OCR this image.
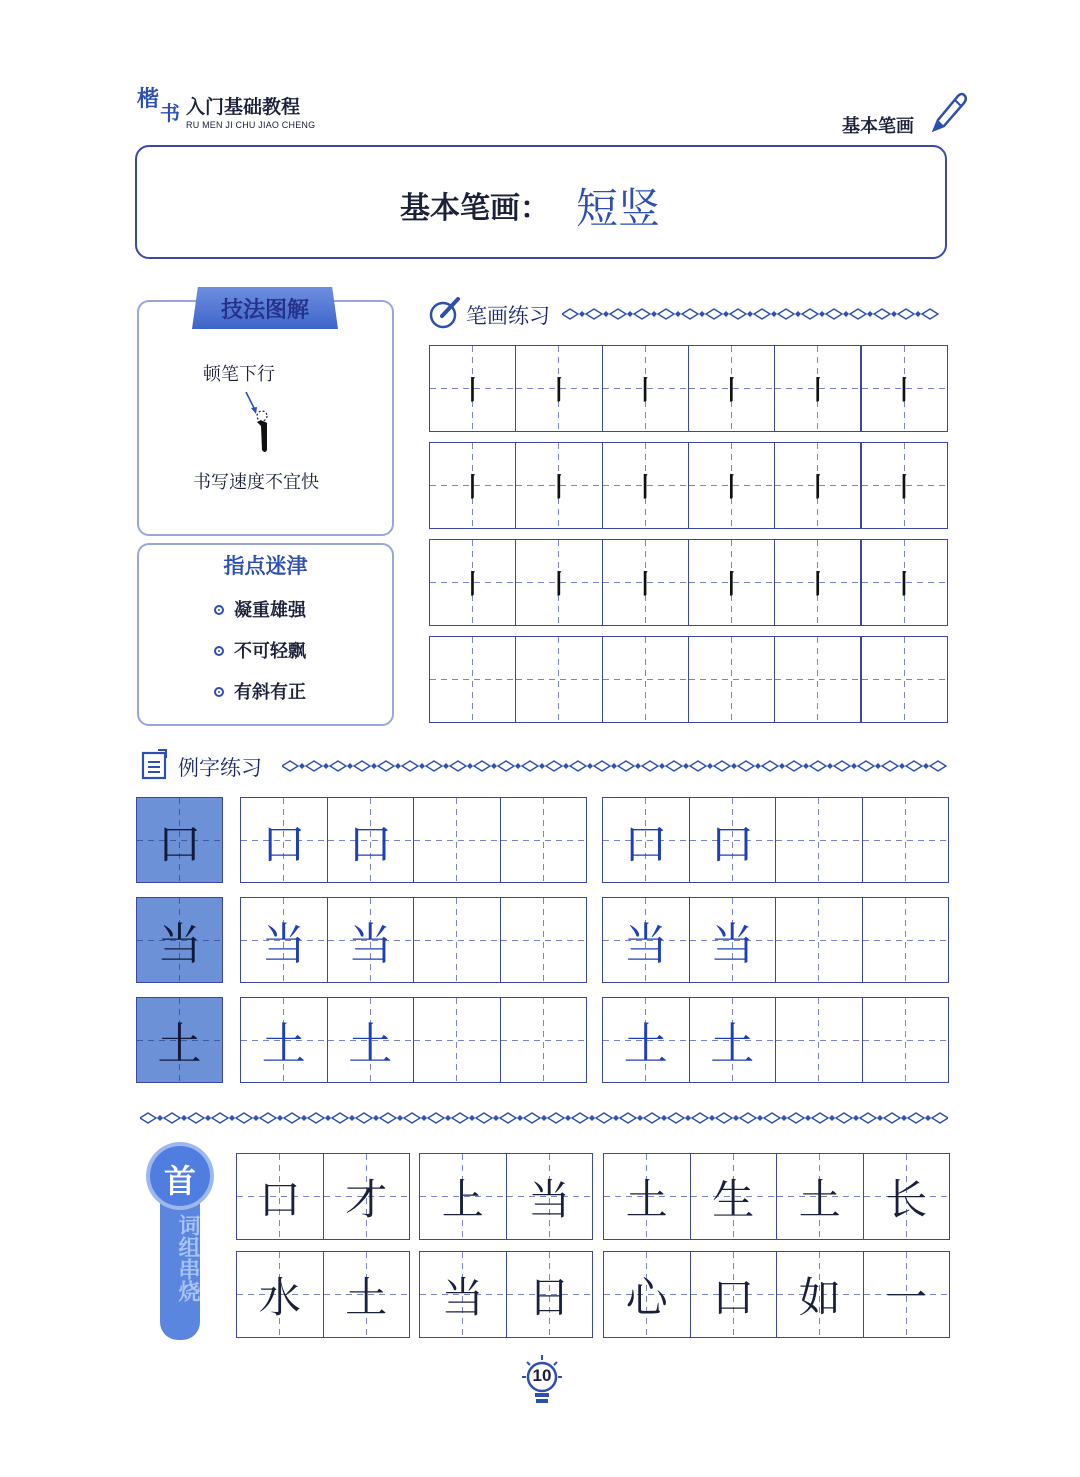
楷
书 入门基础教程
RU MEN JI CHU JIAO CHENG	基本笔画
基本笔画： 短竖
技法图解
顿笔下行
书写速度不宜快
指点迷津
凝重雄强
不可轻飘
有斜有正
笔画练习
丨	丨	丨	丨	丨	丨
丨	丨	丨	丨	丨	丨
丨	丨	丨	丨	丨	丨
例字练习
口	口 口	口 口
当	当 当	当 当
土	土 土	土 土
首
词组串烧
口	才	上	当	土	生	土	长
水	土	当	日	心	口	如	一
10
